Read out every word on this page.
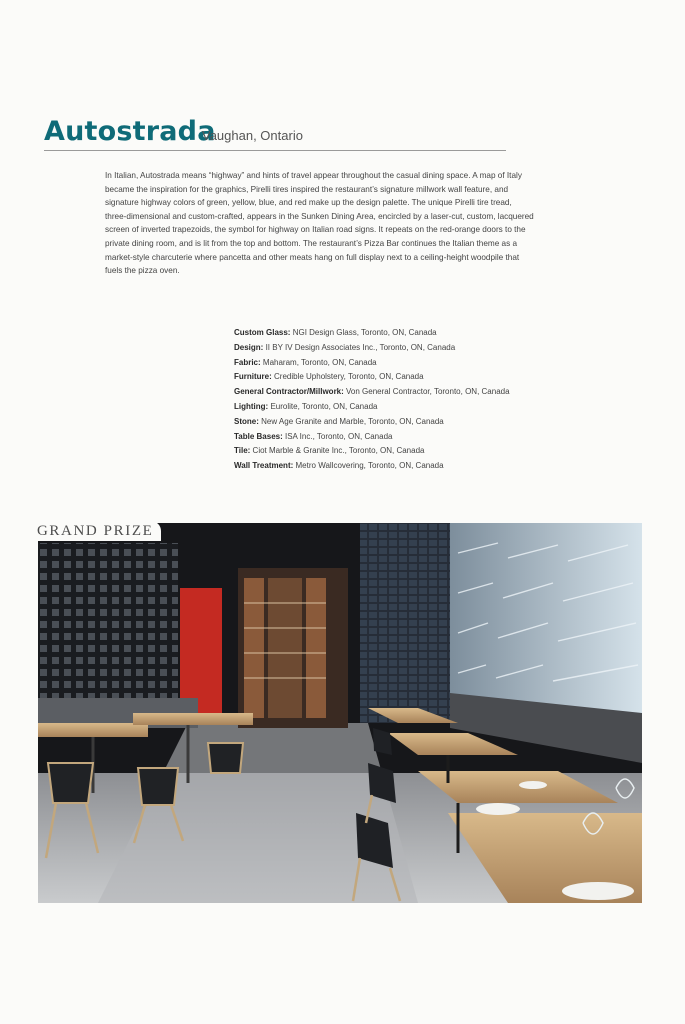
Autostrada
Vaughan, Ontario
In Italian, Autostrada means “highway” and hints of travel appear throughout the casual dining space. A map of Italy became the inspiration for the graphics, Pirelli tires inspired the restaurant’s signature millwork wall feature, and signature highway colors of green, yellow, blue, and red make up the design palette. The unique Pirelli tire tread, three-dimensional and custom-crafted, appears in the Sunken Dining Area, encircled by a laser-cut, custom, lacquered screen of inverted trapezoids, the symbol for highway on Italian road signs. It repeats on the red-orange doors to the private dining room, and is lit from the top and bottom. The restaurant’s Pizza Bar continues the Italian theme as a market-style charcuterie where pancetta and other meats hang on full display next to a ceiling-height woodpile that fuels the pizza oven.
Custom Glass: NGI Design Glass, Toronto, ON, Canada
Design: II BY IV Design Associates Inc., Toronto, ON, Canada
Fabric: Maharam, Toronto, ON, Canada
Furniture: Credible Upholstery, Toronto, ON, Canada
General Contractor/Millwork: Von General Contractor, Toronto, ON, Canada
Lighting: Eurolite, Toronto, ON, Canada
Stone: New Age Granite and Marble, Toronto, ON, Canada
Table Bases: ISA Inc., Toronto, ON, Canada
Tile: Ciot Marble & Granite Inc., Toronto, ON, Canada
Wall Treatment: Metro Wallcovering, Toronto, ON, Canada
GRAND PRIZE
